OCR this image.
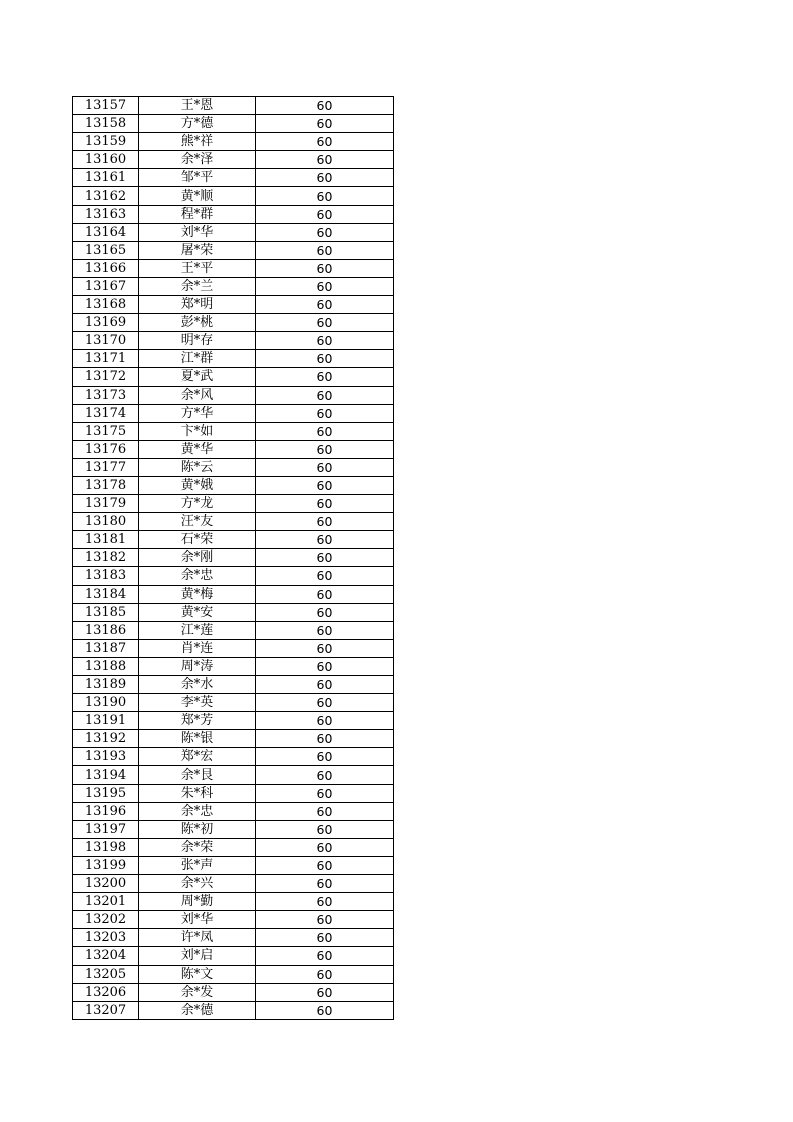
13157	王*恩	60
13158	方*德	60
13159	熊*祥	60
13160	余*泽	60
13161	邹*平	60
13162	黄*顺	60
13163	程*群	60
13164	刘*华	60
13165	屠*荣	60
13166	王*平	60
13167	余*兰	60
13168	郑*明	60
13169	彭*桃	60
13170	明*存	60
13171	江*群	60
13172	夏*武	60
13173	余*风	60
13174	方*华	60
13175	卞*如	60
13176	黄*华	60
13177	陈*云	60
13178	黄*娥	60
13179	方*龙	60
13180	汪*友	60
13181	石*荣	60
13182	余*刚	60
13183	余*忠	60
13184	黄*梅	60
13185	黄*安	60
13186	江*莲	60
13187	肖*连	60
13188	周*涛	60
13189	余*水	60
13190	李*英	60
13191	郑*芳	60
13192	陈*银	60
13193	郑*宏	60
13194	余*艮	60
13195	朱*科	60
13196	余*忠	60
13197	陈*初	60
13198	余*荣	60
13199	张*声	60
13200	余*兴	60
13201	周*勤	60
13202	刘*华	60
13203	许*凤	60
13204	刘*启	60
13205	陈*文	60
13206	余*发	60
13207	余*德	60
